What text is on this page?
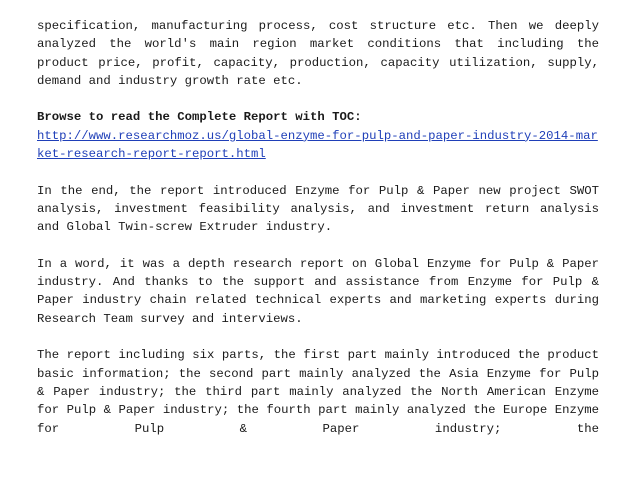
specification, manufacturing process, cost structure etc. Then we deeply analyzed the world's main region market conditions that including the product price, profit, capacity, production, capacity utilization, supply, demand and industry growth rate etc.

Browse to read the Complete Report with TOC:
http://www.researchmoz.us/global-enzyme-for-pulp-and-paper-industry-2014-market-research-report-report.html

In the end, the report introduced Enzyme for Pulp & Paper new project SWOT analysis, investment feasibility analysis, and investment return analysis and Global Twin-screw Extruder industry.

In a word, it was a depth research report on Global Enzyme for Pulp & Paper industry. And thanks to the support and assistance from Enzyme for Pulp & Paper industry chain related technical experts and marketing experts during Research Team survey and interviews.

The report including six parts, the first part mainly introduced the product basic information; the second part mainly analyzed the Asia Enzyme for Pulp & Paper industry; the third part mainly analyzed the North American Enzyme for Pulp & Paper industry; the fourth part mainly analyzed the Europe Enzyme for Pulp & Paper industry; the
